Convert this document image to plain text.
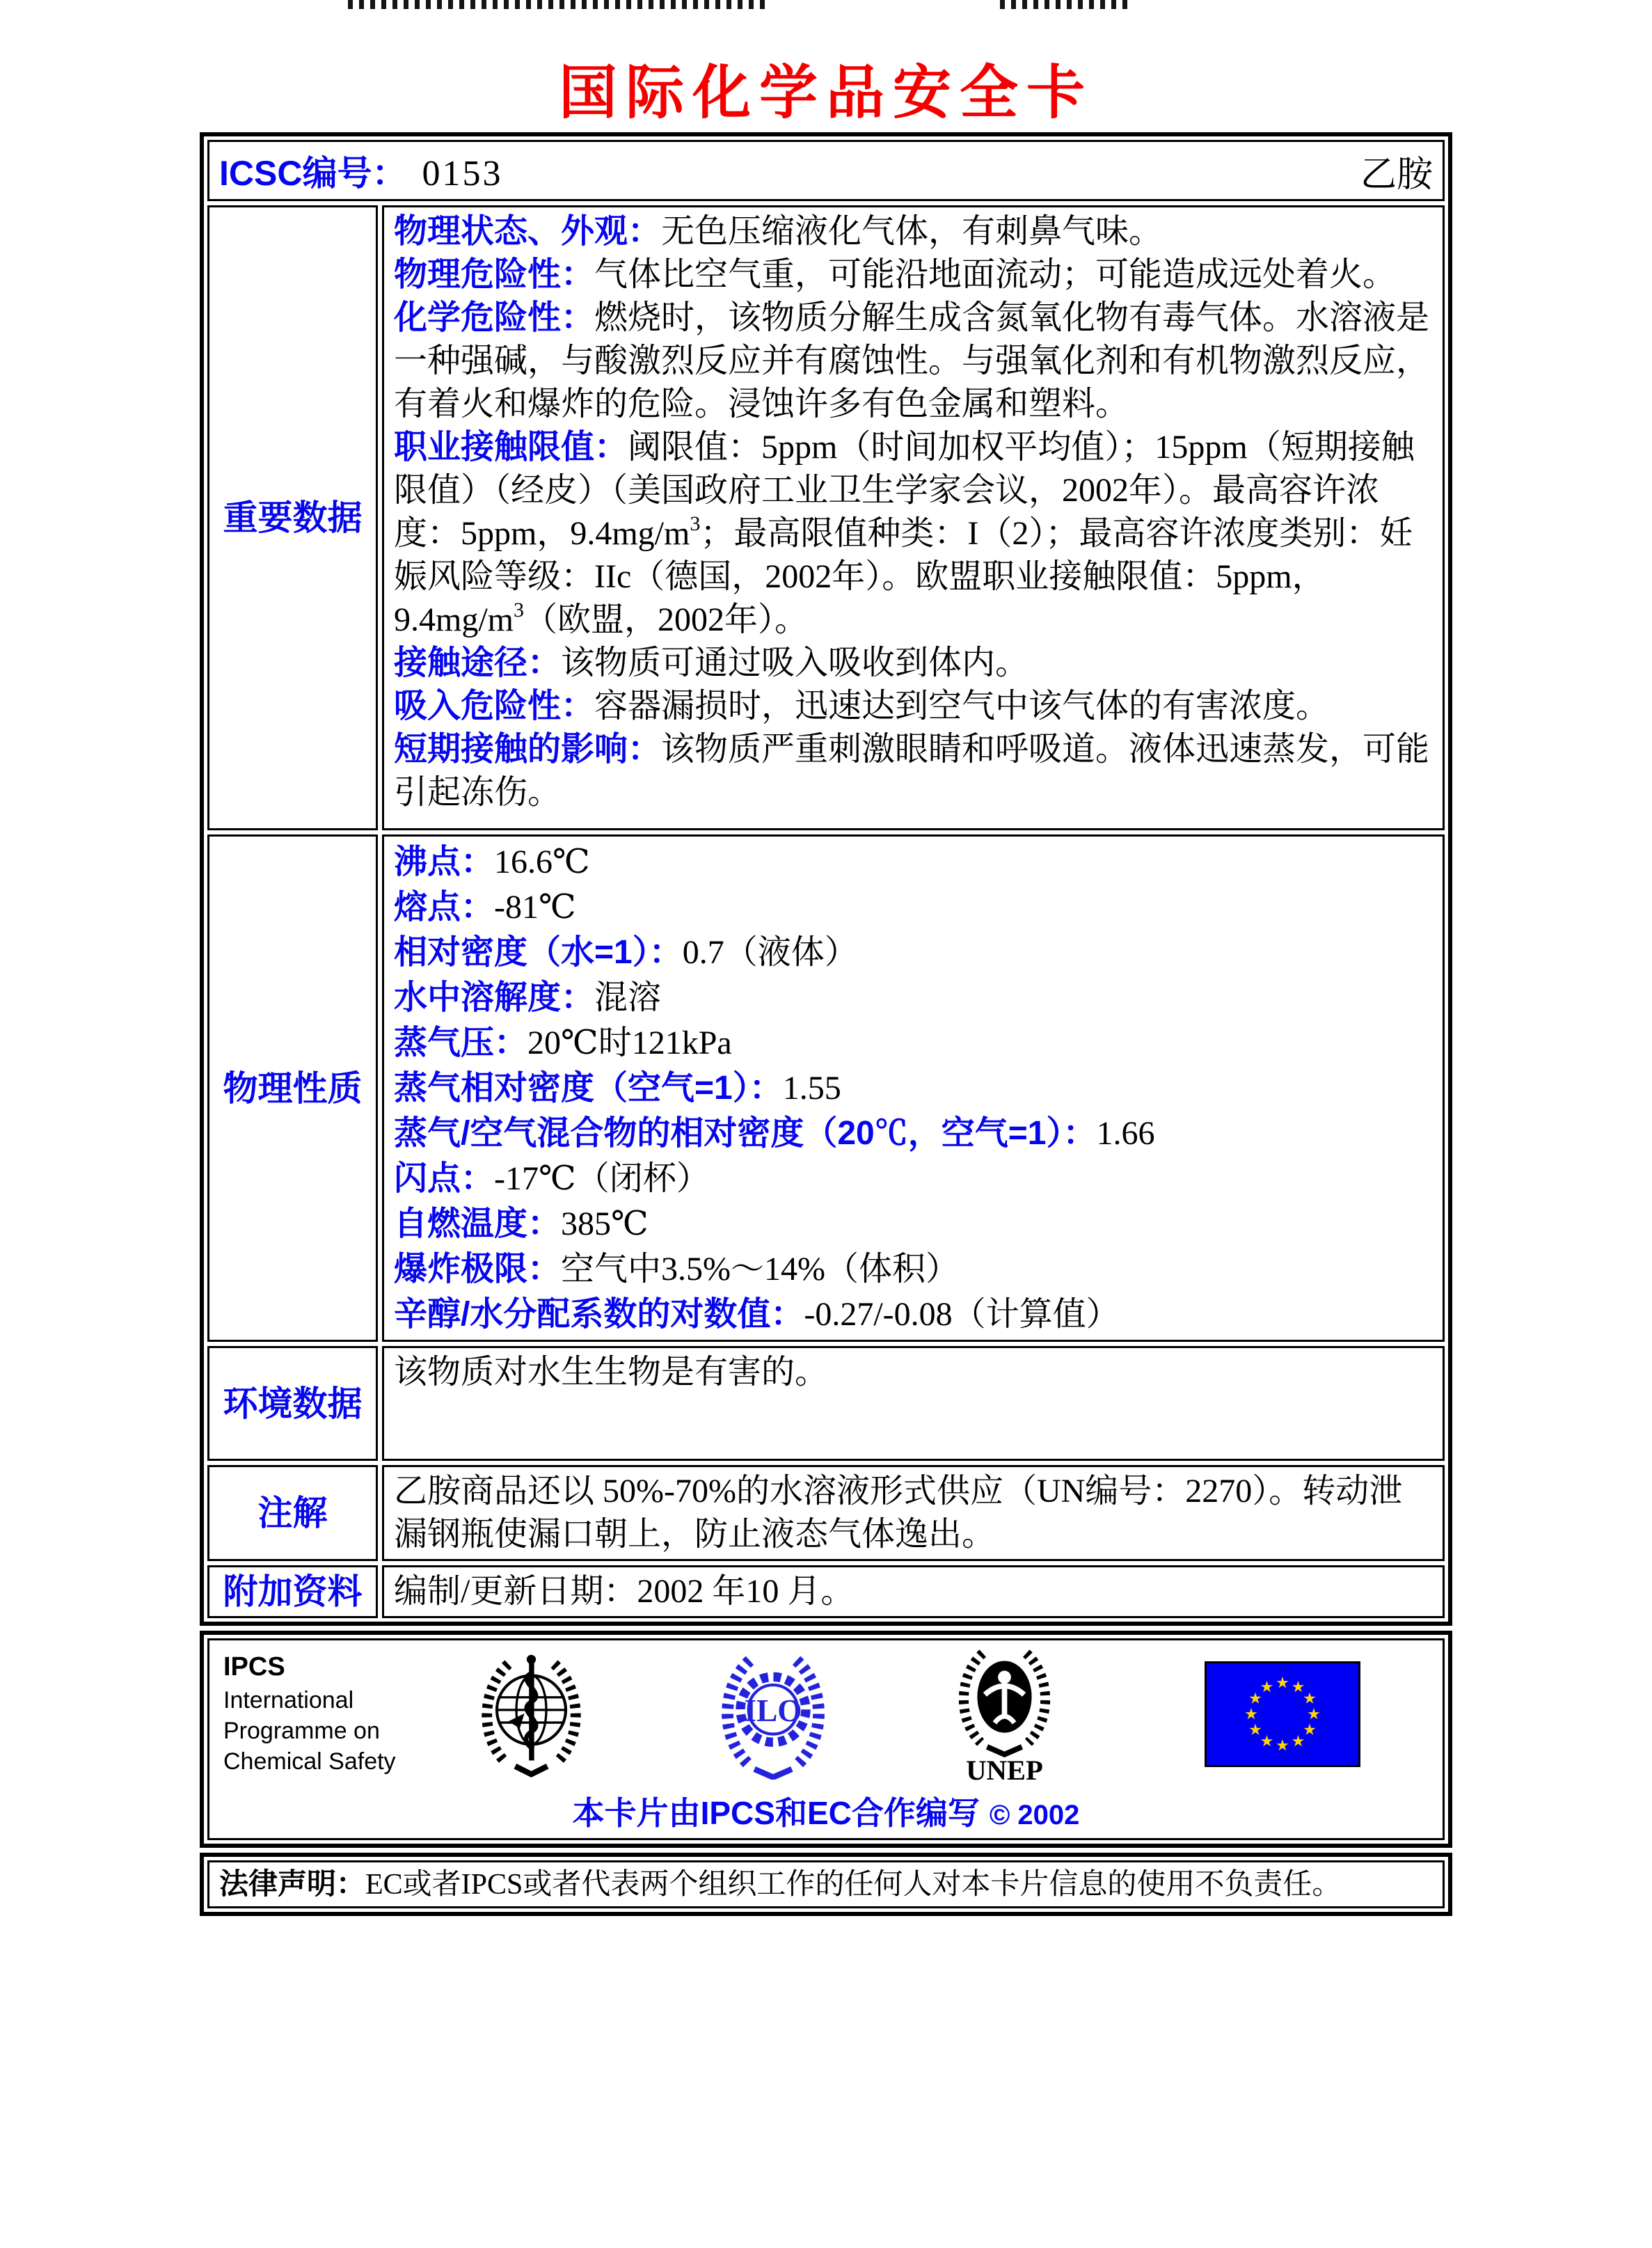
国际化学品安全卡
ICSC编号： 0153	乙胺
重要数据
物理状态、外观：无色压缩液化气体，有刺鼻气味。
物理危险性：气体比空气重，可能沿地面流动；可能造成远处着火。
化学危险性：燃烧时，该物质分解生成含氮氧化物有毒气体。水溶液是一种强碱，与酸激烈反应并有腐蚀性。与强氧化剂和有机物激烈反应，有着火和爆炸的危险。浸蚀许多有色金属和塑料。
职业接触限值：阈限值：5ppm（时间加权平均值）；15ppm（短期接触限值）（经皮）（美国政府工业卫生学家会议，2002年）。最高容许浓度：5ppm，$9.4mg/m^3$；最高限值种类：I（2）；最高容许浓度类别：妊娠风险等级：IIc（德国，2002年）。欧盟职业接触限值：5ppm，$9.4mg/m^3$（欧盟，2002年）。
接触途径：该物质可通过吸入吸收到体内。
吸入危险性：容器漏损时，迅速达到空气中该气体的有害浓度。
短期接触的影响：该物质严重刺激眼睛和呼吸道。液体迅速蒸发，可能引起冻伤。
物理性质
沸点：16.6℃
熔点：-81℃
相对密度（水=1）：0.7（液体）
水中溶解度：混溶
蒸气压：20℃时121kPa
蒸气相对密度（空气=1）：1.55
蒸气/空气混合物的相对密度（20℃，空气=1）：1.66
闪点：-17℃（闭杯）
自燃温度：385℃
爆炸极限：空气中3.5%～14%（体积）
辛醇/水分配系数的对数值：-0.27/-0.08（计算值）
环境数据
该物质对水生生物是有害的。
注解
乙胺商品还以 50%-70%的水溶液形式供应（UN编号：2270）。转动泄漏钢瓶使漏口朝上，防止液态气体逸出。
附加资料 编制/更新日期：2002 年10 月。
IPCS
International
Programme on
Chemical Safety
ILO
UNEP
本卡片由IPCS和EC合作编写 © 2002
法律声明：EC或者IPCS或者代表两个组织工作的任何人对本卡片信息的使用不负责任。
